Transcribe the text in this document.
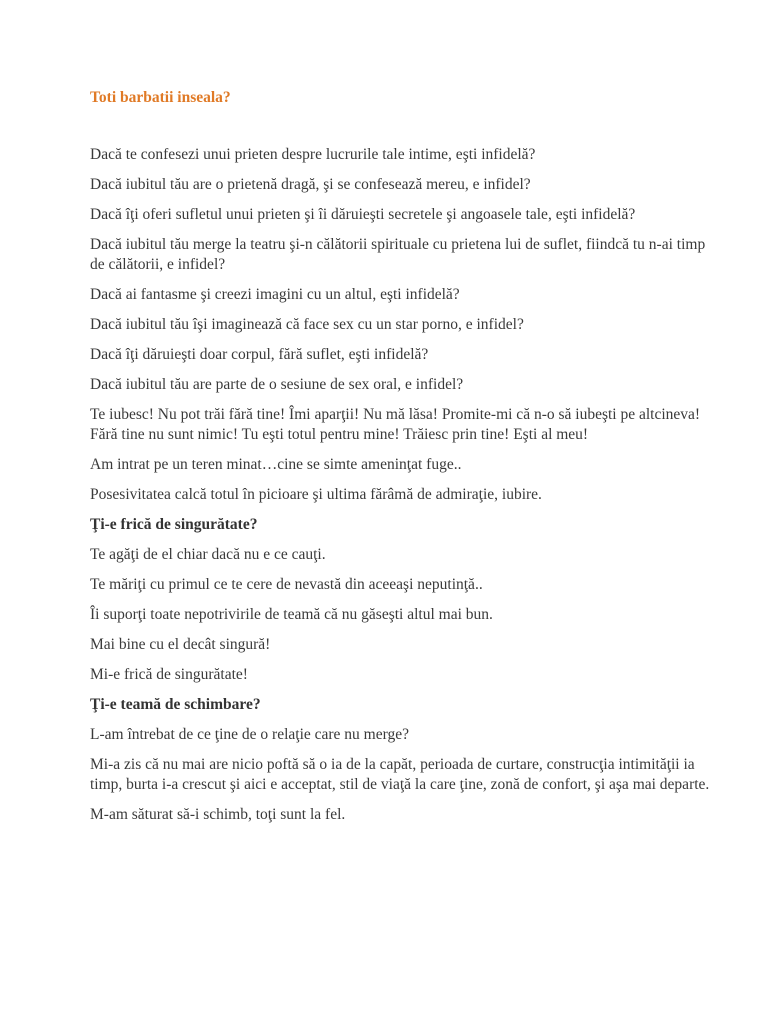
Toti barbatii inseala?

Dacă te confesezi unui prieten despre lucrurile tale intime, eşti infidelă?

Dacă iubitul tău are o prietenă dragă, şi se confesează mereu, e infidel?

Dacă îţi oferi sufletul unui prieten şi îi dăruieşti secretele şi angoasele tale, eşti infidelă?

Dacă iubitul tău merge la teatru şi-n călătorii spirituale cu prietena lui de suflet, fiindcă tu n-ai timp de călătorii, e infidel?

Dacă ai fantasme şi creezi imagini cu un altul, eşti infidelă?

Dacă iubitul tău îşi imaginează că face sex cu un star porno, e infidel?

Dacă îţi dăruieşti doar corpul, fără suflet, eşti infidelă?

Dacă iubitul tău are parte de o sesiune de sex oral, e infidel?

Te iubesc! Nu pot trăi fără tine! Îmi aparţii! Nu mă lăsa! Promite-mi că n-o să iubeşti pe altcineva! Fără tine nu sunt nimic! Tu eşti totul pentru mine! Trăiesc prin tine! Eşti al meu!

Am intrat pe un teren minat…cine se simte ameninţat fuge..

Posesivitatea calcă totul în picioare şi ultima fărâmă de admiraţie, iubire.

Ţi-e frică de singurătate?

Te agăţi de el chiar dacă nu e ce cauţi.

Te măriţi cu primul ce te cere de nevastă din aceeaşi neputinţă..

Îi suporţi toate nepotrivirile de teamă că nu găseşti altul mai bun.

Mai bine cu el decât singură!

Mi-e frică de singurătate!

Ţi-e teamă de schimbare?

L-am întrebat de ce ţine de o relaţie care nu merge?

Mi-a zis că nu mai are nicio poftă să o ia de la capăt, perioada de curtare, construcţia intimităţii ia timp, burta i-a crescut şi aici e acceptat, stil de viaţă la care ţine, zonă de confort, şi aşa mai departe.

M-am săturat să-i schimb, toţi sunt la fel.
